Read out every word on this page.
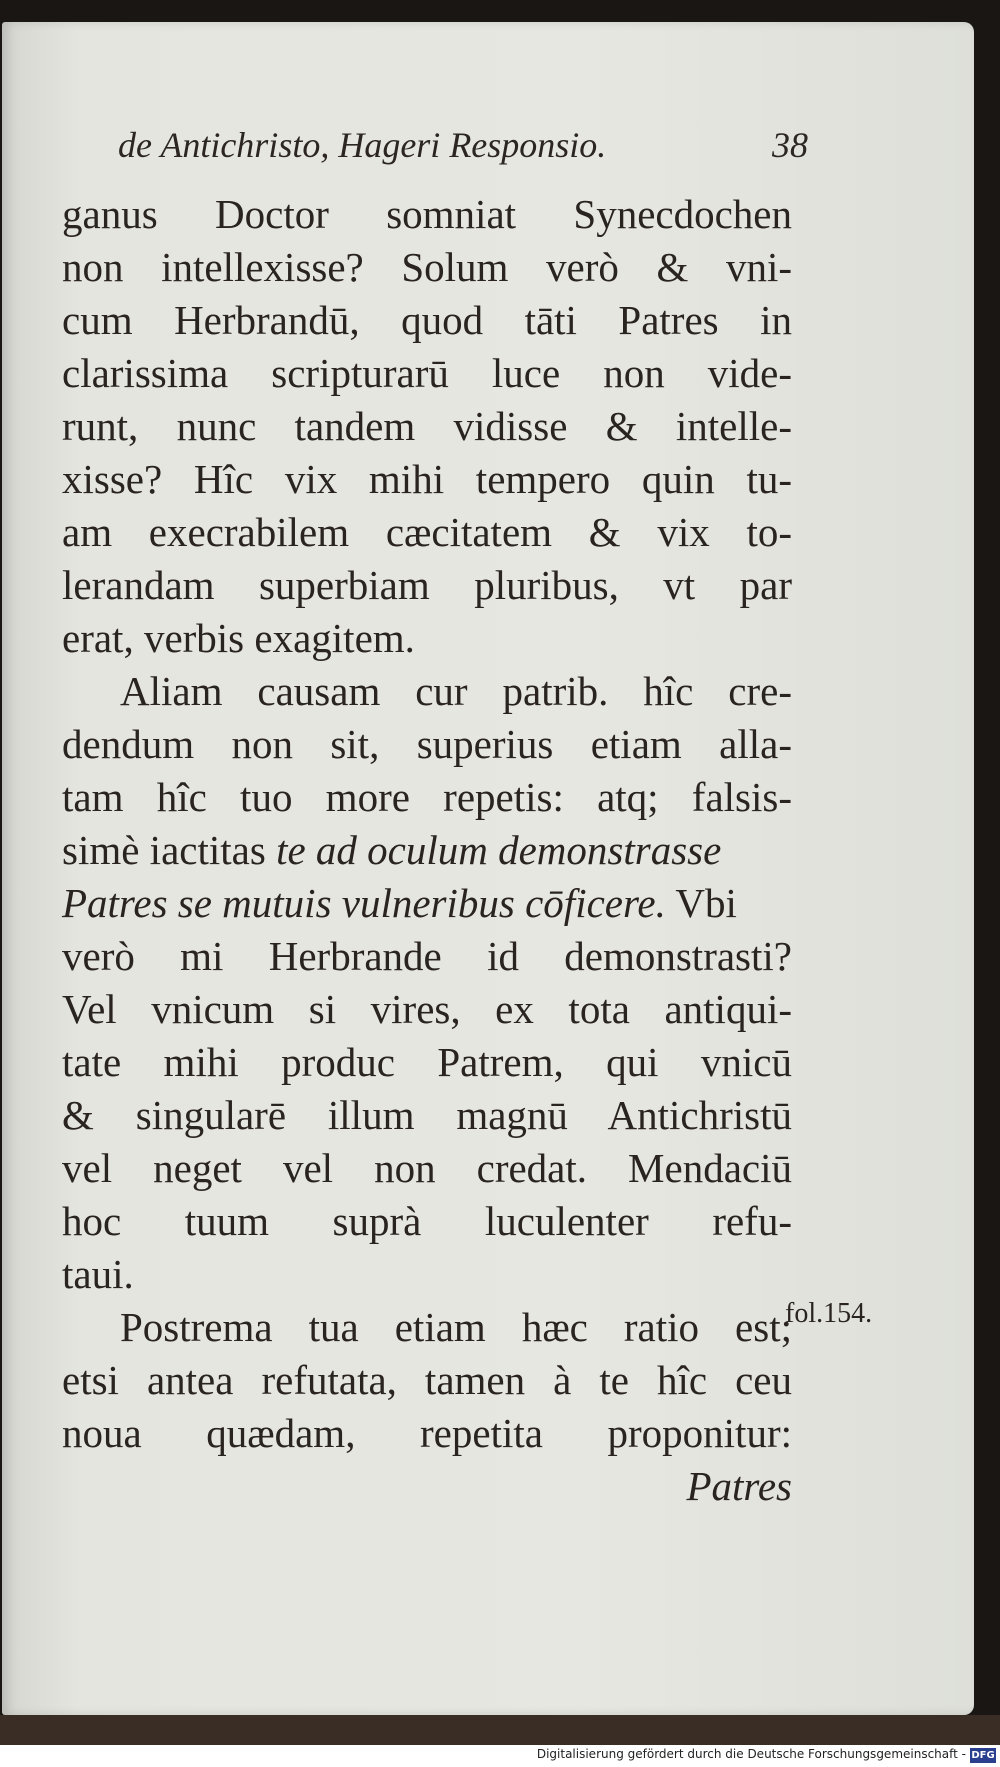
de Antichristo, Hageri Responsio.	38
ganus Doctor somniat Synecdochen
non intellexisse? Solum verò & vni-
cum Herbrandū, quod tāti Patres in
clarissima scripturarū luce non vide-
runt, nunc tandem vidisse & intelle-
xisse? Hîc vix mihi tempero quin tu-
am execrabilem cæcitatem & vix to-
lerandam superbiam pluribus, vt par
erat, verbis exagitem.
Aliam causam cur patrib. hîc cre-
dendum non sit, superius etiam alla-
tam hîc tuo more repetis: atq; falsis-
simè iactitas te ad oculum demonstrasse
Patres se mutuis vulneribus cōficere. Vbi
verò mi Herbrande id demonstrasti?
Vel vnicum si vires, ex tota antiqui-
tate mihi produc Patrem, qui vnicū
& singularē illum magnū Antichristū
vel neget vel non credat. Mendaciū
hoc tuum suprà luculenter refu-
taui.
Postrema tua etiam hæc ratio est;
etsi antea refutata, tamen à te hîc ceu
noua quædam, repetita proponitur:
Patres
fol.154.
Digitalisierung gefördert durch die Deutsche Forschungsgemeinschaft - DFG
